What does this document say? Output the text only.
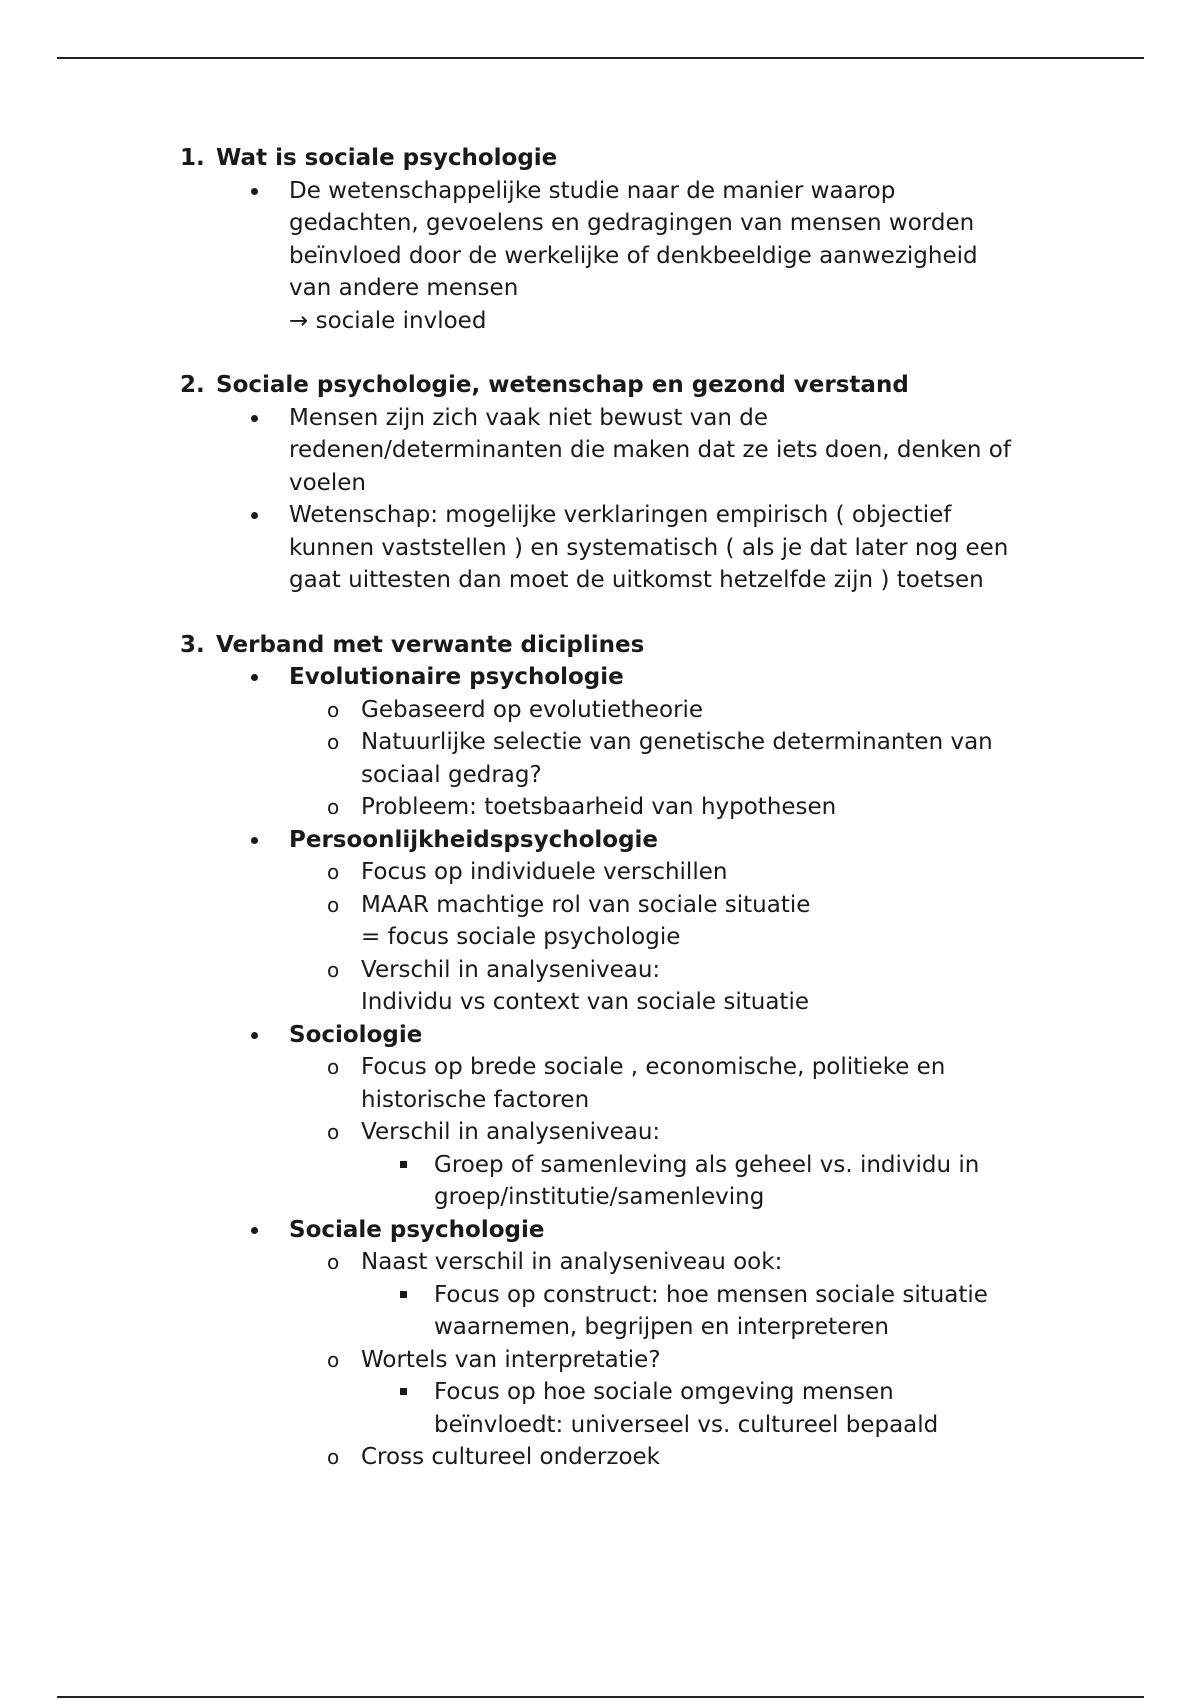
1. Wat is sociale psychologie

De wetenschappelijke studie naar de manier waarop
gedachten, gevoelens en gedragingen van mensen worden
beïnvloed door de werkelijke of denkbeeldige aanwezigheid
van andere mensen
→ sociale invloed

2. Sociale psychologie, wetenschap en gezond verstand

Mensen zijn zich vaak niet bewust van de
redenen/determinanten die maken dat ze iets doen, denken of
voelen
Wetenschap: mogelijke verklaringen empirisch ( objectief
kunnen vaststellen ) en systematisch ( als je dat later nog een
gaat uittesten dan moet de uitkomst hetzelfde zijn ) toetsen

3. Verband met verwante diciplines

Evolutionaire psychologie
o Gebaseerd op evolutietheorie
o Natuurlijke selectie van genetische determinanten van
sociaal gedrag?
o Probleem: toetsbaarheid van hypothesen
Persoonlijkheidspsychologie
o Focus op individuele verschillen
o MAAR machtige rol van sociale situatie
= focus sociale psychologie
o Verschil in analyseniveau:
Individu vs context van sociale situatie
Sociologie
o Focus op brede sociale , economische, politieke en
historische factoren
o Verschil in analyseniveau:
Groep of samenleving als geheel vs. individu in
groep/institutie/samenleving
Sociale psychologie
o Naast verschil in analyseniveau ook:
Focus op construct: hoe mensen sociale situatie
waarnemen, begrijpen en interpreteren
o Wortels van interpretatie?
Focus op hoe sociale omgeving mensen
beïnvloedt: universeel vs. cultureel bepaald
o Cross cultureel onderzoek
